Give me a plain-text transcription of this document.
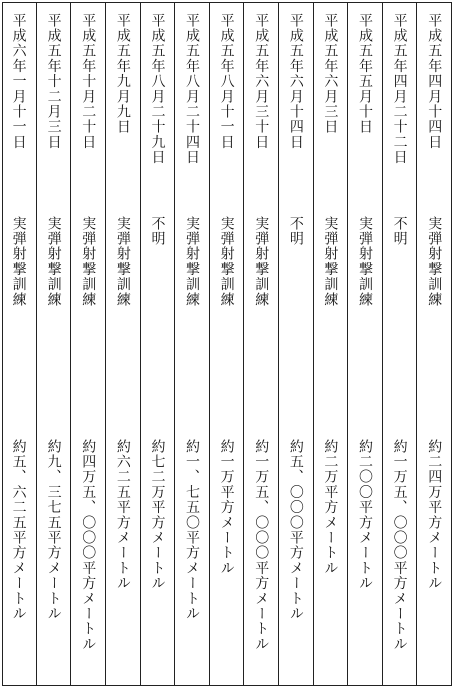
平成五年四月十四日
実弾射撃訓練
約二四万平方メートル
平成五年四月二十二日
不明
約一万五、〇〇〇平方メートル
平成五年五月十日
実弾射撃訓練
約二〇〇平方メートル
平成五年六月三日
実弾射撃訓練
約二万平方メートル
平成五年六月十四日
不明
約五、〇〇〇平方メートル
平成五年六月三十日
実弾射撃訓練
約一万五、〇〇〇平方メートル
平成五年八月十一日
実弾射撃訓練
約一万平方メートル
平成五年八月二十四日
実弾射撃訓練
約一、七五〇平方メートル
平成五年八月二十九日
不明
約七二万平方メートル
平成五年九月九日
実弾射撃訓練
約六二五平方メートル
平成五年十月二十日
実弾射撃訓練
約四万五、〇〇〇平方メートル
平成五年十二月三日
実弾射撃訓練
約九、三七五平方メートル
平成六年一月十一日
実弾射撃訓練
約五、六二五平方メートル
